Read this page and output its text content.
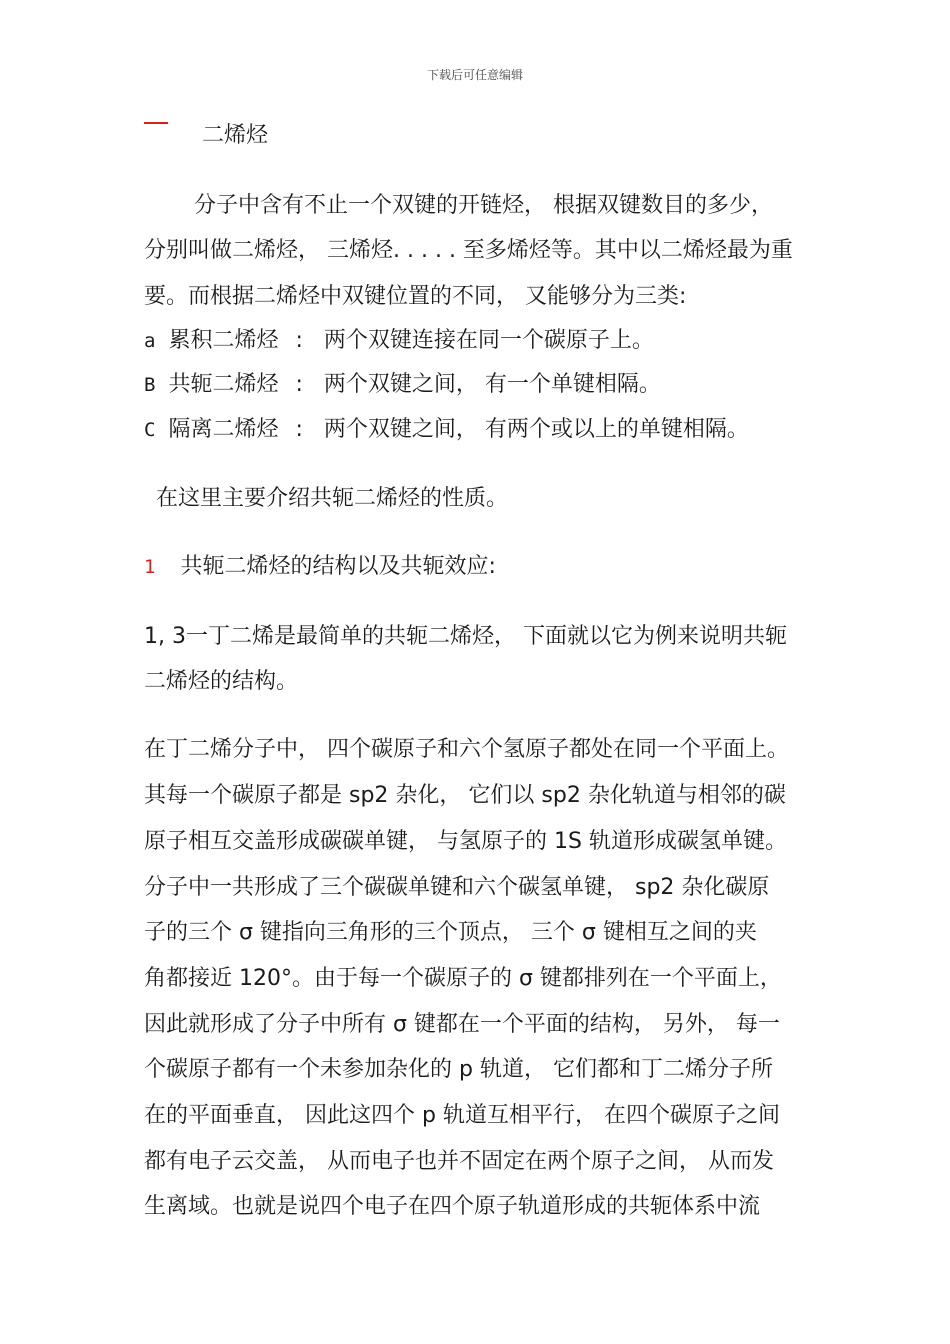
下载后可任意编辑
二烯烃
分子中含有不止一个双键的开链烃， 根据双键数目的多少，
分别叫做二烯烃， 三烯烃. . . . . 至多烯烃等。其中以二烯烃最为重
要。而根据二烯烃中双键位置的不同， 又能够分为三类:
a 累积二烯烃 : 两个双键连接在同一个碳原子上。
B 共轭二烯烃 : 两个双键之间， 有一个单键相隔。
C 隔离二烯烃 : 两个双键之间， 有两个或以上的单键相隔。
在这里主要介绍共轭二烯烃的性质。
1 共轭二烯烃的结构以及共轭效应:
1, 3一丁二烯是最简单的共轭二烯烃， 下面就以它为例来说明共轭
二烯烃的结构。
在丁二烯分子中， 四个碳原子和六个氢原子都处在同一个平面上。
其每一个碳原子都是 sp2 杂化， 它们以 sp2 杂化轨道与相邻的碳
原子相互交盖形成碳碳单键， 与氢原子的 1S 轨道形成碳氢单键。
分子中一共形成了三个碳碳单键和六个碳氢单键， sp2 杂化碳原
子的三个 σ 键指向三角形的三个顶点， 三个 σ 键相互之间的夹
角都接近 120°。由于每一个碳原子的 σ 键都排列在一个平面上，
因此就形成了分子中所有 σ 键都在一个平面的结构， 另外， 每一
个碳原子都有一个未参加杂化的 p 轨道， 它们都和丁二烯分子所
在的平面垂直， 因此这四个 p 轨道互相平行， 在四个碳原子之间
都有电子云交盖， 从而电子也并不固定在两个原子之间， 从而发
生离域。也就是说四个电子在四个原子轨道形成的共轭体系中流
